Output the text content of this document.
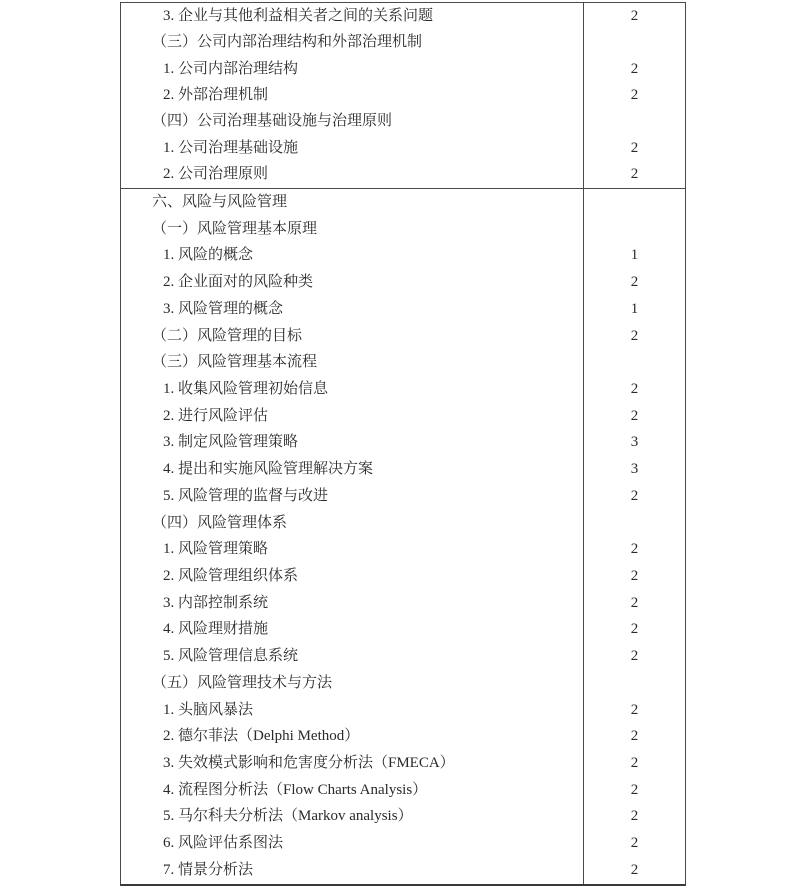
3. 企业与其他利益相关者之间的关系问题	2
（三）公司内部治理结构和外部治理机制
1. 公司内部治理结构	2
2. 外部治理机制	2
（四）公司治理基础设施与治理原则
1. 公司治理基础设施	2
2. 公司治理原则	2
六、风险与风险管理
（一）风险管理基本原理
1. 风险的概念	1
2. 企业面对的风险种类	2
3. 风险管理的概念	1
（二）风险管理的目标	2
（三）风险管理基本流程
1. 收集风险管理初始信息	2
2. 进行风险评估	2
3. 制定风险管理策略	3
4. 提出和实施风险管理解决方案	3
5. 风险管理的监督与改进	2
（四）风险管理体系
1. 风险管理策略	2
2. 风险管理组织体系	2
3. 内部控制系统	2
4. 风险理财措施	2
5. 风险管理信息系统	2
（五）风险管理技术与方法
1. 头脑风暴法	2
2. 德尔菲法（Delphi Method）	2
3. 失效模式影响和危害度分析法（FMECA）	2
4. 流程图分析法（Flow Charts Analysis）	2
5. 马尔科夫分析法（Markov analysis）	2
6. 风险评估系图法	2
7. 情景分析法	2
